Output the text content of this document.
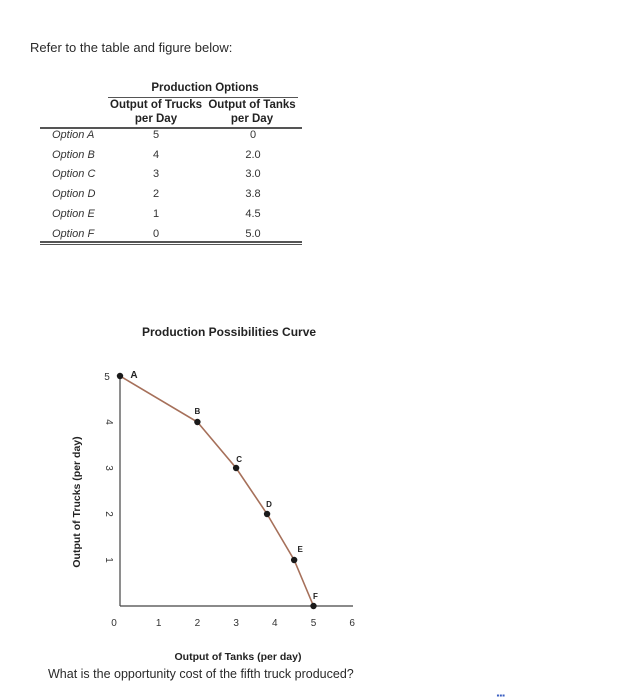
Refer to the table and figure below:
Production Options
Output of Trucks
per Day
Output of Tanks
per Day
Option A	5	0
Option B	4	2.0
Option C	3	3.0
Option D	2	3.8
Option E	1	4.5
Option F	0	5.0
Production Possibilities Curve
0	1	2	3	4	5	6
1
2
3
4
5 A
B
C
D
E
F
Output of Trucks (per day)
Output of Tanks (per day)
What is the opportunity cost of the fifth truck produced?
▪▪▪
